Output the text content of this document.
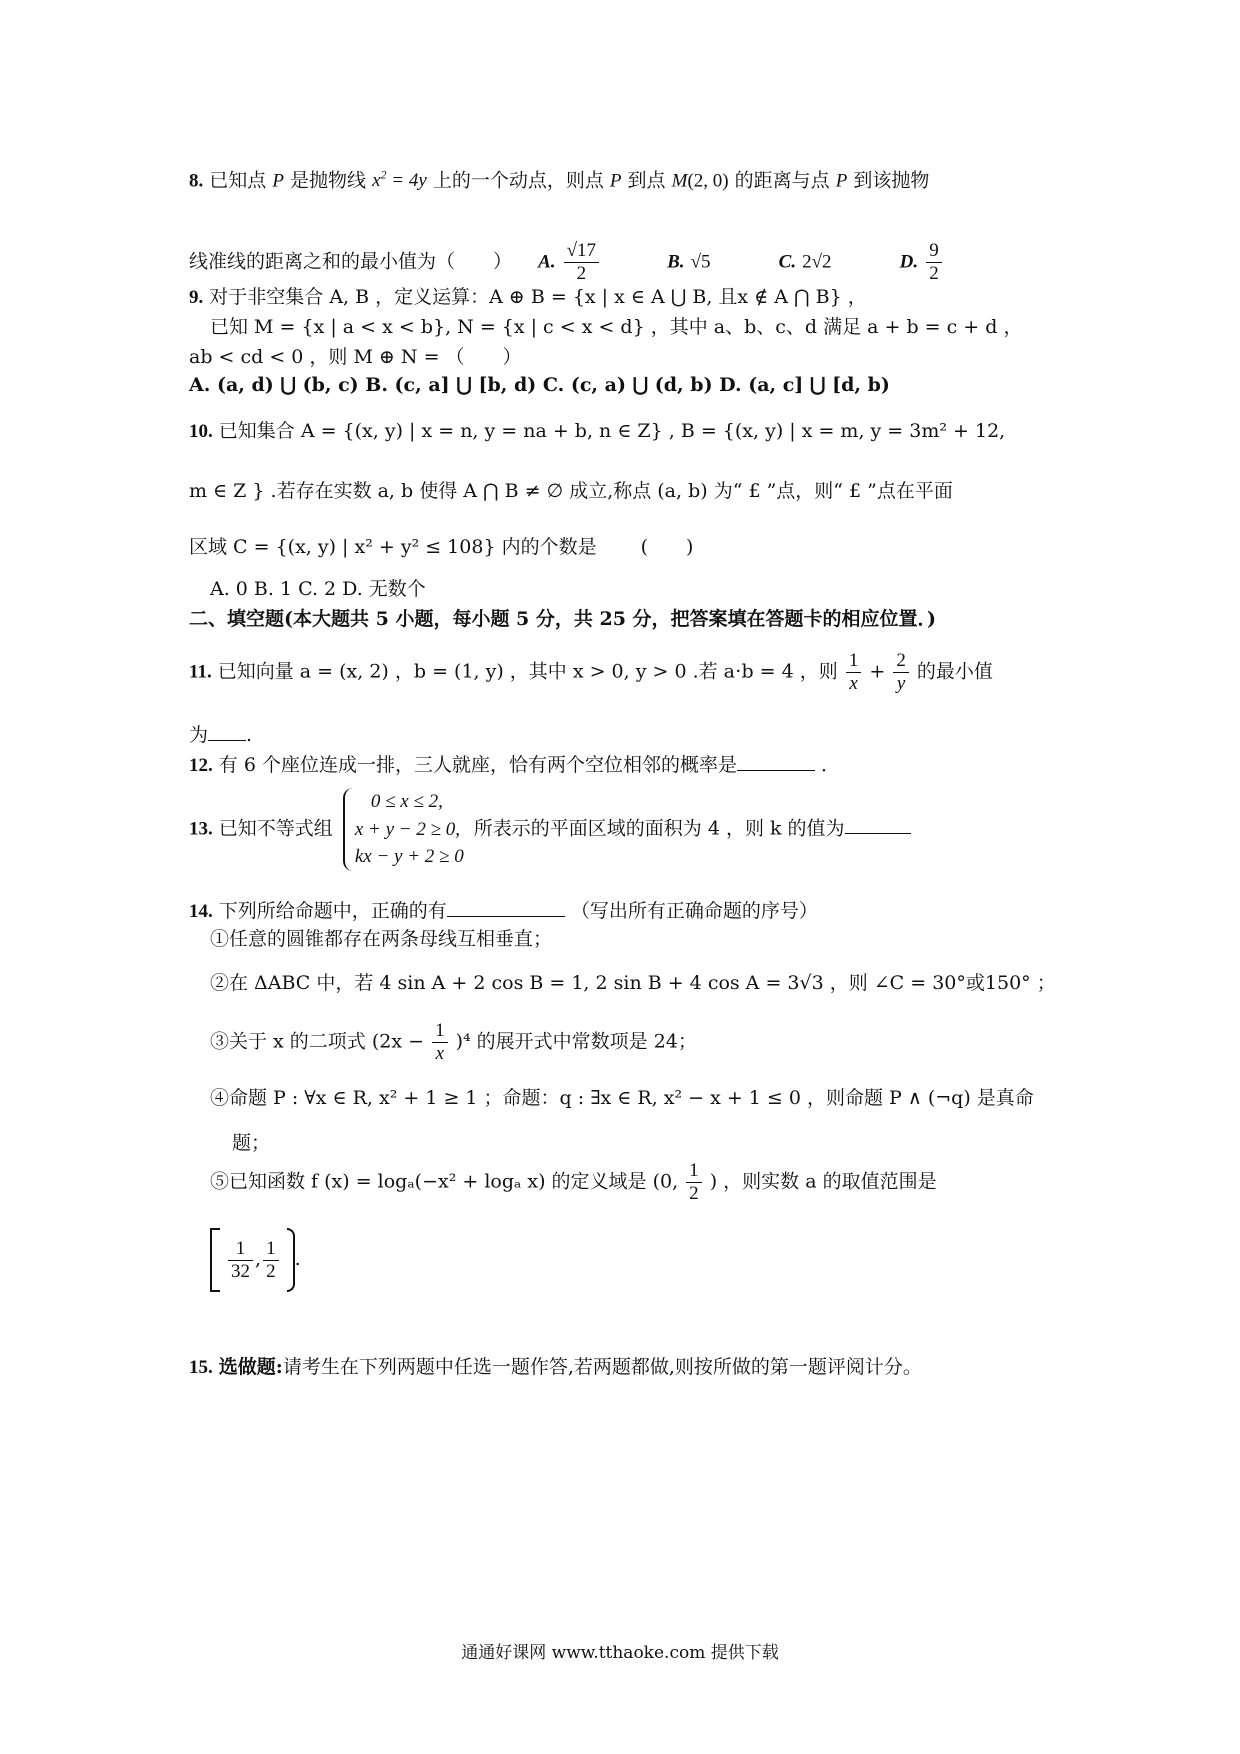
8. 已知点 P 是抛物线 $x^2 = 4y$ 上的一个动点，则点 P 到点 M(2, 0) 的距离与点 P 到该抛物
线准线的距离之和的最小值为（　　） A. $\frac{√17}{2}$	B. √5	C. 2√2	D. $\frac{9}{2}$
9. 对于非空集合 A, B ，定义运算：A ⊕ B = {x | x ∈ A ⋃ B, 且x ∉ A ⋂ B} ，
已知 M = {x | a < x < b}, N = {x | c < x < d} ，其中 a、b、c、d 满足 a + b = c + d ，
ab < cd < 0 ，则 M ⊕ N = （　　）
A. (a, d) ⋃ (b, c) B. (c, a] ⋃ [b, d) C. (c, a) ⋃ (d, b) D. (a, c] ⋃ [d, b)
10. 已知集合 A = {(x, y) | x = n, y = na + b, n ∈ Z} , B = {(x, y) | x = m, y = 3m² + 12,
m ∈ Z } .若存在实数 a, b 使得 A ⋂ B ≠ ∅ 成立,称点 (a, b) 为“ £ ”点，则“ £ ”点在平面
区域 C = {(x, y) | x² + y² ≤ 108} 内的个数是　　 (　　)
A. 0 B. 1 C. 2 D. 无数个
二、填空题(本大题共 5 小题，每小题 5 分，共 25 分，把答案填在答题卡的相应位置．)
11. 已知向量 a = (x, 2) ，b = (1, y) ，其中 x > 0, y > 0 .若 a⋅b = 4 ，则 $\frac{1}{x} + \frac{2}{y}$ 的最小值
为 .
12. 有 6 个座位连成一排，三人就座，恰有两个空位相邻的概率是	．
13. 已知不等式组
0 ≤ x ≤ 2,
x + y − 2 ≥ 0,
kx − y + 2 ≥ 0
所表示的平面区域的面积为 4 ，则 k 的值为
14. 下列所给命题中，正确的有	（写出所有正确命题的序号）
①任意的圆锥都存在两条母线互相垂直；
②在 ΔABC 中，若 4 sin A + 2 cos B = 1, 2 sin B + 4 cos A = 3√3 ，则 ∠C = 30°或150° ；
③关于 x 的二项式 $(2x - \frac{1}{x} )^4$ 的展开式中常数项是 24；
④命题 P : ∀x ∈ R, x² + 1 ≥ 1 ；命题：q : ∃x ∈ R, x² − x + 1 ≤ 0 ，则命题 P ∧ (¬q) 是真命
题；
⑤已知函数 f (x) = logₐ(−x² + logₐ x) 的定义域是 (0, $\frac{1}{2}$ ) ，则实数 a 的取值范围是

$\frac{1}{32}$ , $\frac{1}{2}$ .
15. 选做题:请考生在下列两题中任选一题作答,若两题都做,则按所做的第一题评阅计分。
通通好课网 www.tthaoke.com 提供下载
